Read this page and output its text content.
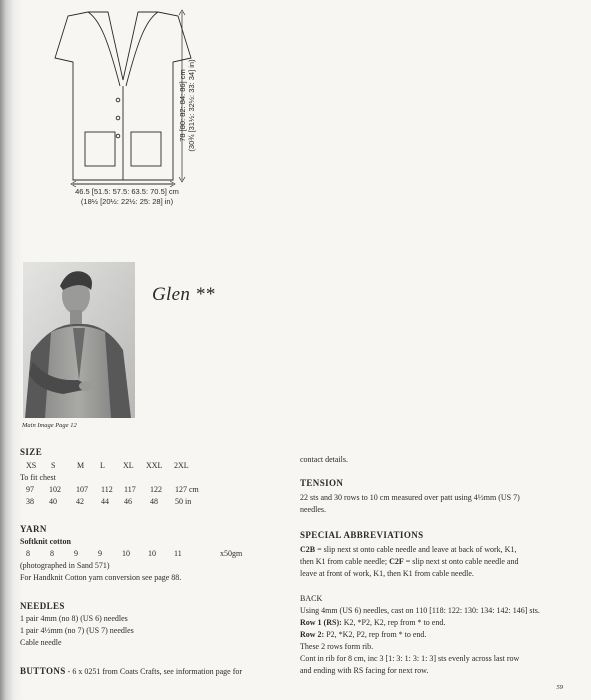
46.5 [51.5: 57.5: 63.5: 70.5] cm
(18½ [20½: 22½: 25: 28] in)
78 [80: 82: 84: 86] cm (30¾ [31½: 32½: 33: 34] in)
Main Image Page 12
Glen **
SIZE
XS	S	M	L	XL	XXL	2XL
To fit chest
97	102	107	112	117	122	127 cm
38	40	42	44	46	48	50 in
YARN
Softknit cotton
8	8	9	9	10	10	11	x50gm
(photographed in Sand 571)
For Handknit Cotton yarn conversion see page 88.
NEEDLES
1 pair 4mm (no 8) (US 6) needles
1 pair 4½mm (no 7) (US 7) needles
Cable needle
BUTTONS - 6 x 0251 from Coats Crafts, see information page for
contact details.
TENSION
22 sts and 30 rows to 10 cm measured over patt using 4½mm (US 7)
needles.
SPECIAL ABBREVIATIONS
C2B = slip next st onto cable needle and leave at back of work, K1,
then K1 from cable needle; C2F = slip next st onto cable needle and
leave at front of work, K1, then K1 from cable needle.
BACK
Using 4mm (US 6) needles, cast on 110 [118: 122: 130: 134: 142: 146] sts.
Row 1 (RS): K2, *P2, K2, rep from * to end.
Row 2: P2, *K2, P2, rep from * to end.
These 2 rows form rib.
Cont in rib for 8 cm, inc 3 [1: 3: 1: 3: 1: 3] sts evenly across last row
and ending with RS facing for next row.
59
